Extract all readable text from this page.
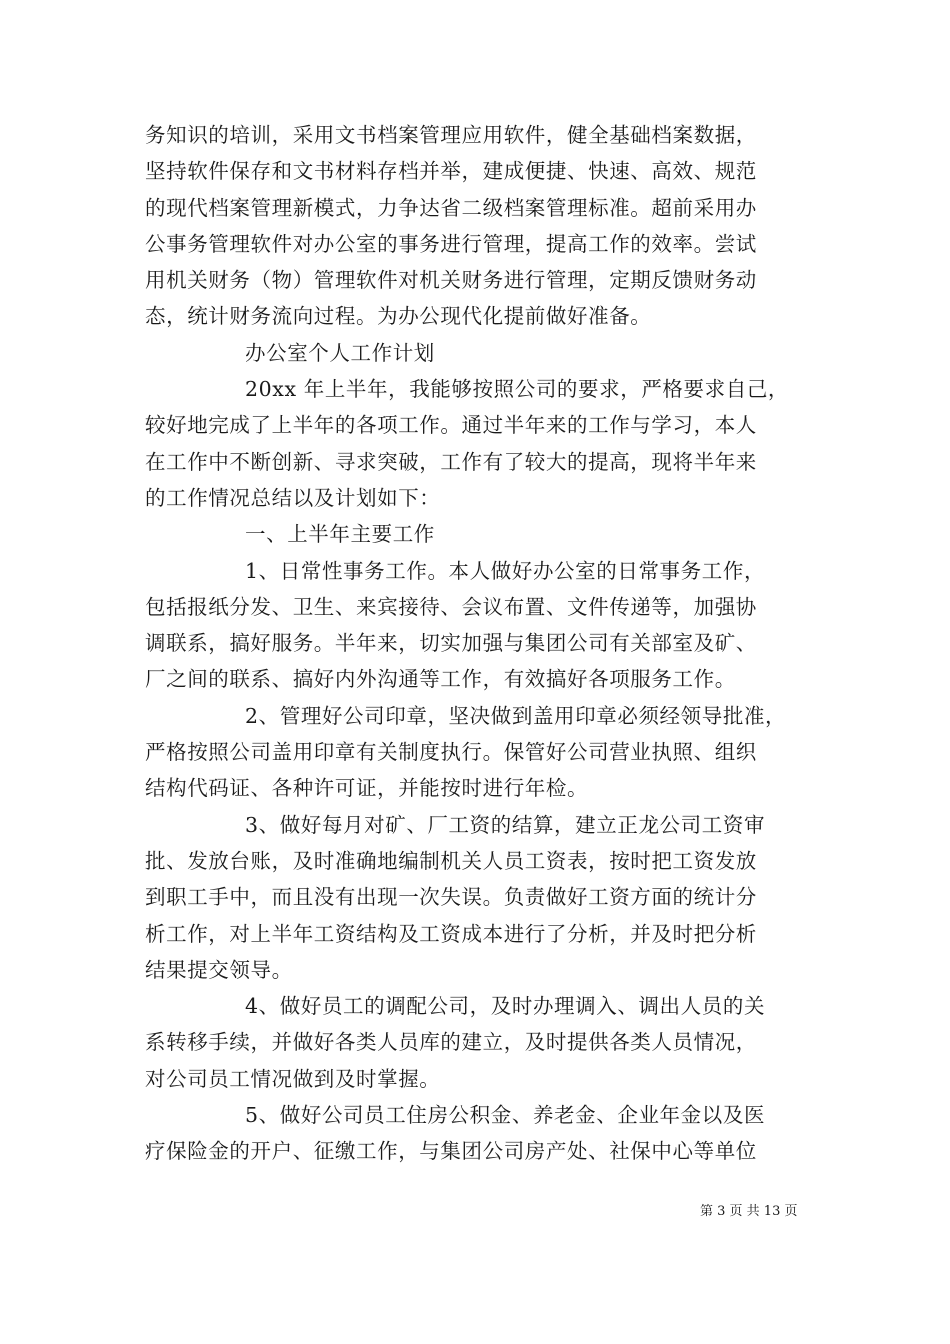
务知识的培训，采用文书档案管理应用软件，健全基础档案数据，
坚持软件保存和文书材料存档并举，建成便捷、快速、高效、规范
的现代档案管理新模式，力争达省二级档案管理标准。超前采用办
公事务管理软件对办公室的事务进行管理，提高工作的效率。尝试
用机关财务（物）管理软件对机关财务进行管理，定期反馈财务动
态，统计财务流向过程。为办公现代化提前做好准备。
办公室个人工作计划
20xx 年上半年，我能够按照公司的要求，严格要求自己，
较好地完成了上半年的各项工作。通过半年来的工作与学习，本人
在工作中不断创新、寻求突破，工作有了较大的提高，现将半年来
的工作情况总结以及计划如下：
一、上半年主要工作
1、日常性事务工作。本人做好办公室的日常事务工作，
包括报纸分发、卫生、来宾接待、会议布置、文件传递等，加强协
调联系，搞好服务。半年来，切实加强与集团公司有关部室及矿、
厂之间的联系、搞好内外沟通等工作，有效搞好各项服务工作。
2、管理好公司印章，坚决做到盖用印章必须经领导批准，
严格按照公司盖用印章有关制度执行。保管好公司营业执照、组织
结构代码证、各种许可证，并能按时进行年检。
3、做好每月对矿、厂工资的结算，建立正龙公司工资审
批、发放台账，及时准确地编制机关人员工资表，按时把工资发放
到职工手中，而且没有出现一次失误。负责做好工资方面的统计分
析工作，对上半年工资结构及工资成本进行了分析，并及时把分析
结果提交领导。
4、做好员工的调配公司，及时办理调入、调出人员的关
系转移手续，并做好各类人员库的建立，及时提供各类人员情况，
对公司员工情况做到及时掌握。
5、做好公司员工住房公积金、养老金、企业年金以及医
疗保险金的开户、征缴工作，与集团公司房产处、社保中心等单位
第 3 页 共 13 页
